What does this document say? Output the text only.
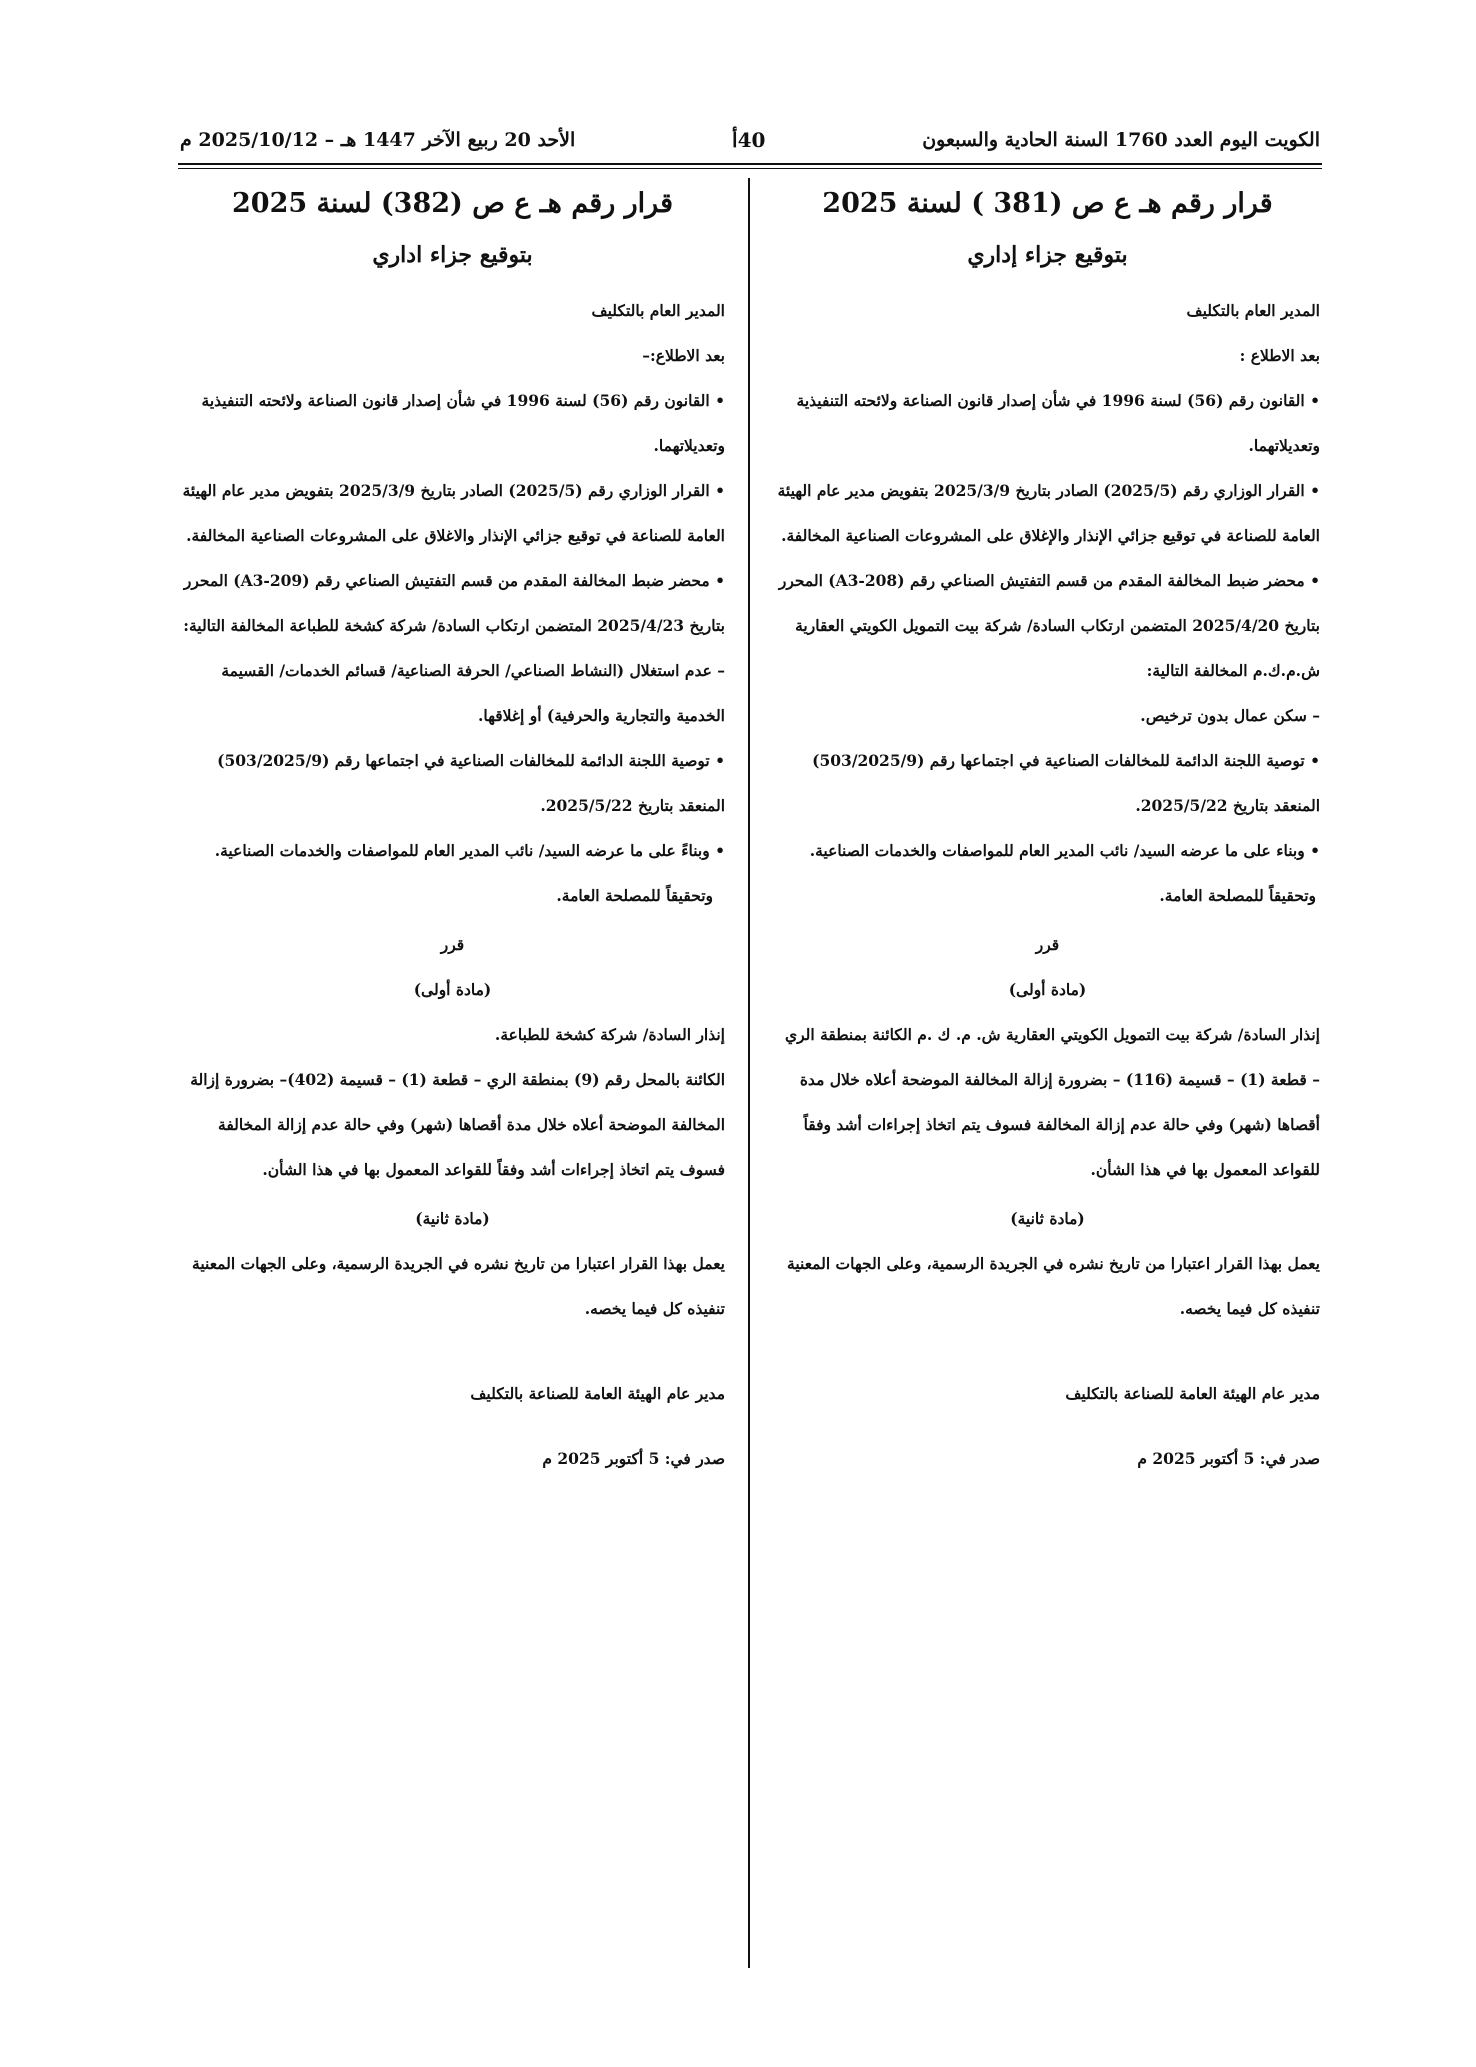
الكويت اليوم العدد 1760 السنة الحادية والسبعون
40أ
الأحد 20 ربيع الآخر 1447 هـ – 2025/10/12 م

قرار رقم هـ ع ص (381 ) لسنة 2025

بتوقيع جزاء إداري

المدير العام بالتكليف

بعد الاطلاع :

• القانون رقم (56) لسنة 1996 في شأن إصدار قانون الصناعة ولائحته التنفيذية وتعديلاتهما.

• القرار الوزاري رقم (2025/5) الصادر بتاريخ 2025/3/9 بتفويض مدير عام الهيئة العامة للصناعة في توقيع جزائي الإنذار والإغلاق على المشروعات الصناعية المخالفة.

• محضر ضبط المخالفة المقدم من قسم التفتيش الصناعي رقم (A3-208) المحرر بتاريخ 2025/4/20 المتضمن ارتكاب السادة/ شركة بيت التمويل الكويتي العقارية ش.م.ك.م المخالفة التالية:

– سكن عمال بدون ترخيص.

• توصية اللجنة الدائمة للمخالفات الصناعية في اجتماعها رقم (503/2025/9) المنعقد بتاريخ 2025/5/22.

• وبناء على ما عرضه السيد/ نائب المدير العام للمواصفات والخدمات الصناعية.

وتحقيقاً للمصلحة العامة.

قرر

(مادة أولى)

إنذار السادة/ شركة بيت التمويل الكويتي العقارية ش. م. ك .م الكائنة بمنطقة الري – قطعة (1) – قسيمة (116) – بضرورة إزالة المخالفة الموضحة أعلاه خلال مدة أقصاها (شهر) وفي حالة عدم إزالة المخالفة فسوف يتم اتخاذ إجراءات أشد وفقاً للقواعد المعمول بها في هذا الشأن.

(مادة ثانية)

يعمل بهذا القرار اعتبارا من تاريخ نشره في الجريدة الرسمية، وعلى الجهات المعنية تنفيذه كل فيما يخصه.

مدير عام الهيئة العامة للصناعة بالتكليف

صدر في: 5 أكتوبر 2025 م

قرار رقم هـ ع ص (382) لسنة 2025

بتوقيع جزاء اداري

المدير العام بالتكليف

بعد الاطلاع:–

• القانون رقم (56) لسنة 1996 في شأن إصدار قانون الصناعة ولائحته التنفيذية وتعديلاتهما.

• القرار الوزاري رقم (2025/5) الصادر بتاريخ 2025/3/9 بتفويض مدير عام الهيئة العامة للصناعة في توقيع جزائي الإنذار والاغلاق على المشروعات الصناعية المخالفة.

• محضر ضبط المخالفة المقدم من قسم التفتيش الصناعي رقم (A3-209) المحرر بتاريخ 2025/4/23 المتضمن ارتكاب السادة/ شركة كشخة للطباعة المخالفة التالية:

– عدم استغلال (النشاط الصناعي/ الحرفة الصناعية/ قسائم الخدمات/ القسيمة الخدمية والتجارية والحرفية) أو إغلاقها.

• توصية اللجنة الدائمة للمخالفات الصناعية في اجتماعها رقم (503/2025/9) المنعقد بتاريخ 2025/5/22.

• وبناءً على ما عرضه السيد/ نائب المدير العام للمواصفات والخدمات الصناعية.

وتحقيقاً للمصلحة العامة.

قرر

(مادة أولى)

إنذار السادة/ شركة كشخة للطباعة.

الكائنة بالمحل رقم (9) بمنطقة الري – قطعة (1) – قسيمة (402)– بضرورة إزالة المخالفة الموضحة أعلاه خلال مدة أقصاها (شهر) وفي حالة عدم إزالة المخالفة فسوف يتم اتخاذ إجراءات أشد وفقاً للقواعد المعمول بها في هذا الشأن.

(مادة ثانية)

يعمل بهذا القرار اعتبارا من تاريخ نشره في الجريدة الرسمية، وعلى الجهات المعنية تنفيذه كل فيما يخصه.

مدير عام الهيئة العامة للصناعة بالتكليف

صدر في: 5 أكتوبر 2025 م
